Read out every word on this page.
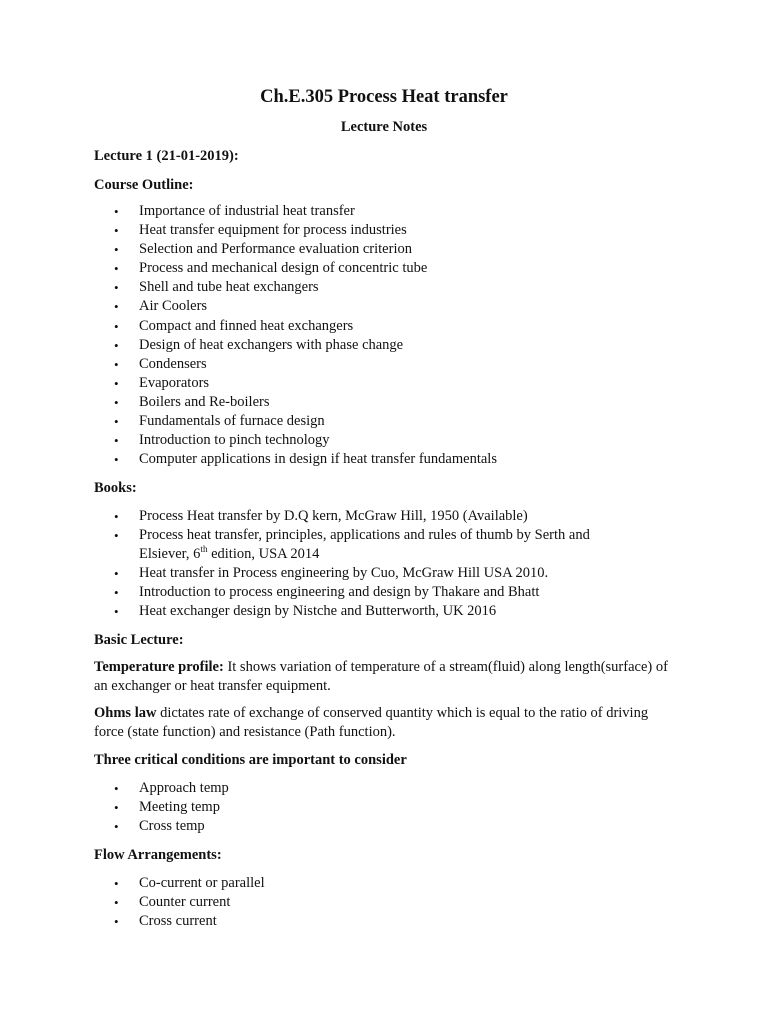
Ch.E.305 Process Heat transfer
Lecture Notes
Lecture 1 (21-01-2019):
Course Outline:
• Importance of industrial heat transfer
• Heat transfer equipment for process industries
• Selection and Performance evaluation criterion
• Process and mechanical design of concentric tube
• Shell and tube heat exchangers
• Air Coolers
• Compact and finned heat exchangers
• Design of heat exchangers with phase change
• Condensers
• Evaporators
• Boilers and Re-boilers
• Fundamentals of furnace design
• Introduction to pinch technology
• Computer applications in design if heat transfer fundamentals
Books:
• Process Heat transfer by D.Q kern, McGraw Hill, 1950 (Available)
• Process heat transfer, principles, applications and rules of thumb by Serth and Elsiever, 6th edition, USA 2014
• Heat transfer in Process engineering by Cuo, McGraw Hill USA 2010.
• Introduction to process engineering and design by Thakare and Bhatt
• Heat exchanger design by Nistche and Butterworth, UK 2016
Basic Lecture:
Temperature profile: It shows variation of temperature of a stream(fluid) along length(surface) of an exchanger or heat transfer equipment.
Ohms law dictates rate of exchange of conserved quantity which is equal to the ratio of driving force (state function) and resistance (Path function).
Three critical conditions are important to consider
• Approach temp
• Meeting temp
• Cross temp
Flow Arrangements:
• Co-current or parallel
• Counter current
• Cross current
